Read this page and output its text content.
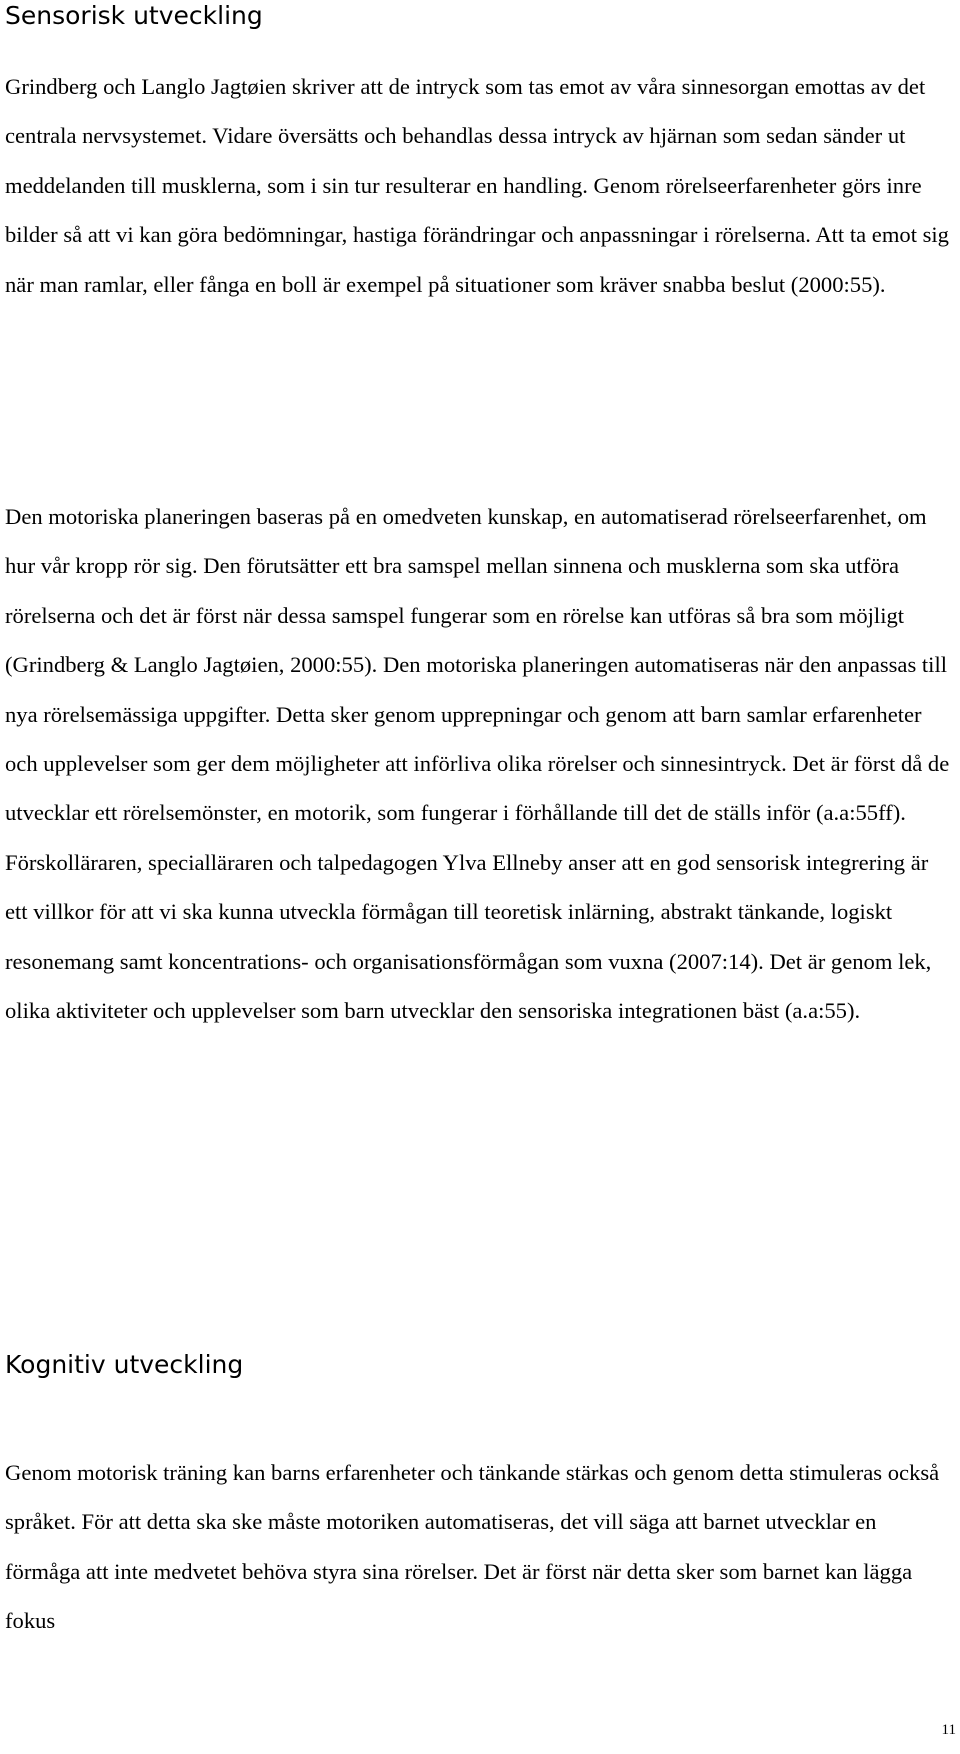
Sensorisk utveckling

Grindberg och Langlo Jagtøien skriver att de intryck som tas emot av våra sinnesorgan emottas av det centrala nervsystemet. Vidare översätts och behandlas dessa intryck av hjärnan som sedan sänder ut meddelanden till musklerna, som i sin tur resulterar en handling. Genom rörelseerfarenheter görs inre bilder så att vi kan göra bedömningar, hastiga förändringar och anpassningar i rörelserna. Att ta emot sig när man ramlar, eller fånga en boll är exempel på situationer som kräver snabba beslut (2000:55).

Den motoriska planeringen baseras på en omedveten kunskap, en automatiserad rörelseerfarenhet, om hur vår kropp rör sig. Den förutsätter ett bra samspel mellan sinnena och musklerna som ska utföra rörelserna och det är först när dessa samspel fungerar som en rörelse kan utföras så bra som möjligt (Grindberg & Langlo Jagtøien, 2000:55). Den motoriska planeringen automatiseras när den anpassas till nya rörelsemässiga uppgifter. Detta sker genom upprepningar och genom att barn samlar erfarenheter och upplevelser som ger dem möjligheter att införliva olika rörelser och sinnesintryck. Det är först då de utvecklar ett rörelsemönster, en motorik, som fungerar i förhållande till det de ställs inför (a.a:55ff). Förskolläraren, specialläraren och talpedagogen Ylva Ellneby anser att en god sensorisk integrering är ett villkor för att vi ska kunna utveckla förmågan till teoretisk inlärning, abstrakt tänkande, logiskt resonemang samt koncentrations- och organisationsförmågan som vuxna (2007:14). Det är genom lek, olika aktiviteter och upplevelser som barn utvecklar den sensoriska integrationen bäst (a.a:55).

Kognitiv utveckling

Genom motorisk träning kan barns erfarenheter och tänkande stärkas och genom detta stimuleras också språket. För att detta ska ske måste motoriken automatiseras, det vill säga att barnet utvecklar en förmåga att inte medvetet behöva styra sina rörelser. Det är först när detta sker som barnet kan lägga fokus

11
